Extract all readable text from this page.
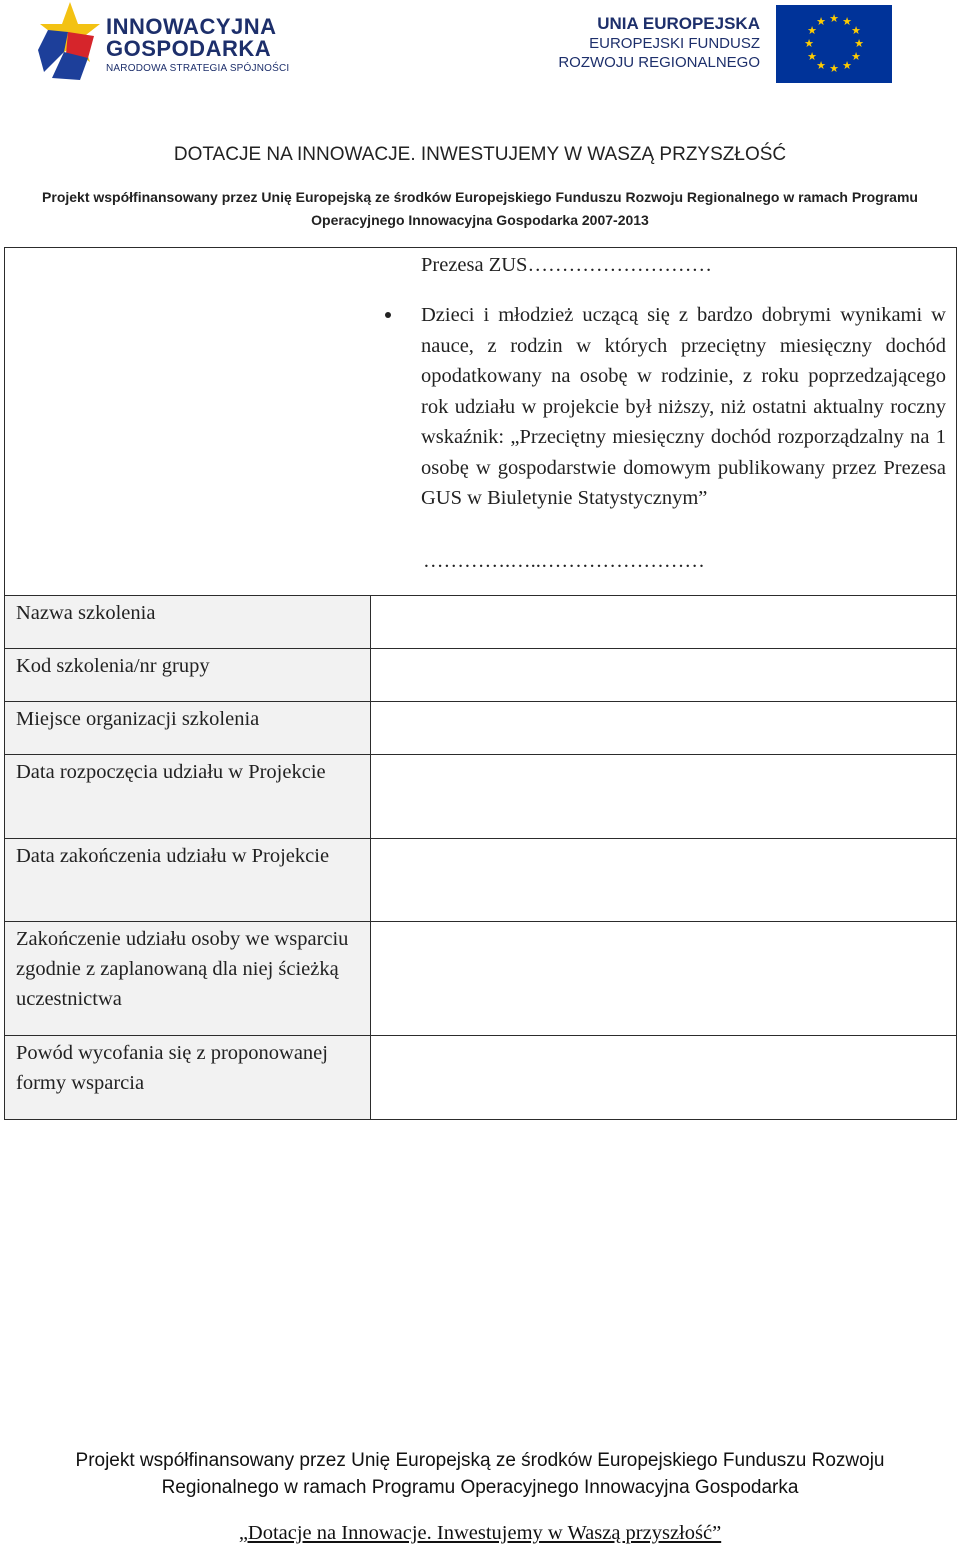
INNOWACYJNA
GOSPODARKA
NARODOWA STRATEGIA SPÓJNOŚCI
UNIA EUROPEJSKA
EUROPEJSKI FUNDUSZ
ROZWOJU REGIONALNEGO
★ ★
★
★
★
★
★
★
★
★
★
★
DOTACJE NA INNOWACJE. INWESTUJEMY W WASZĄ PRZYSZŁOŚĆ
Projekt współfinansowany przez Unię Europejską ze środków Europejskiego Funduszu Rozwoju Regionalnego w ramach Programu
Operacyjnego Innowacyjna Gospodarka 2007-2013
Prezesa ZUS………………………
Dzieci i młodzież uczącą się z bardzo dobrymi wynikami w nauce, z rodzin w których przeciętny miesięczny dochód opodatkowany na osobę w rodzinie, z roku poprzedzającego rok udziału w projekcie był niższy, niż ostatni aktualny roczny wskaźnik: „Przeciętny miesięczny dochód rozporządzalny na 1 osobę w gospodarstwie domowym publikowany przez Prezesa GUS w Biuletynie Statystycznym”
………….…..……………………	

Nazwa szkolenia	
Kod szkolenia/nr grupy	
Miejsce organizacji szkolenia	
Data rozpoczęcia udziału w Projekcie	
Data zakończenia udziału w Projekcie	
Zakończenie udziału osoby we wsparciu zgodnie z zaplanowaną dla niej ścieżką uczestnictwa	
Powód wycofania się z proponowanej formy wsparcia	
Projekt współfinansowany przez Unię Europejską ze środków Europejskiego Funduszu Rozwoju
Regionalnego w ramach Programu Operacyjnego Innowacyjna Gospodarka
„Dotacje na Innowacje. Inwestujemy w Waszą przyszłość”
